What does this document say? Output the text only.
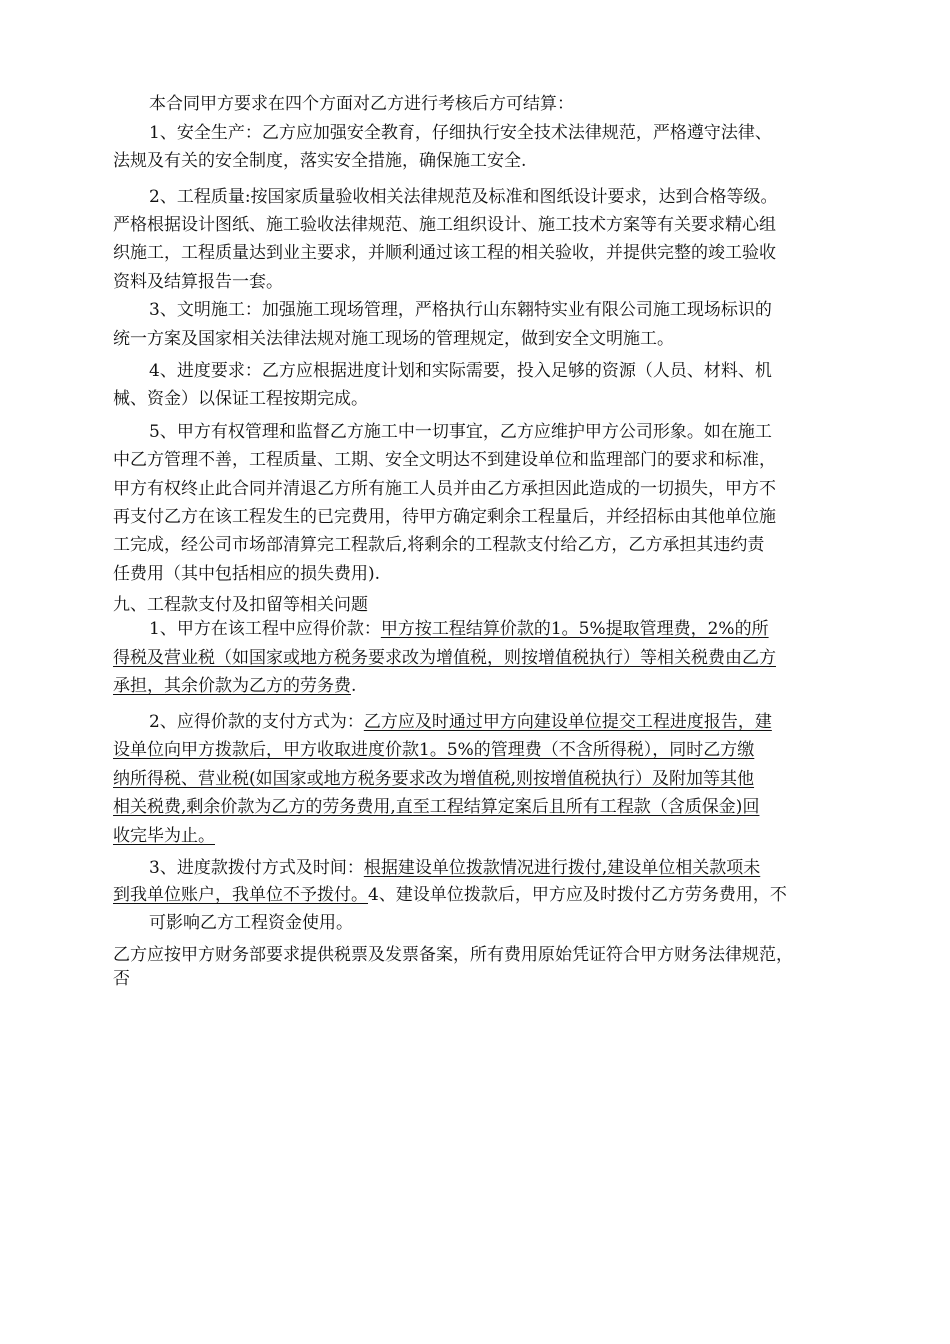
本合同甲方要求在四个方面对乙方进行考核后方可结算：
1、安全生产：乙方应加强安全教育，仔细执行安全技术法律规范，严格遵守法律、
法规及有关的安全制度，落实安全措施，确保施工安全.
2、工程质量:按国家质量验收相关法律规范及标准和图纸设计要求，达到合格等级。
严格根据设计图纸、施工验收法律规范、施工组织设计、施工技术方案等有关要求精心组
织施工，工程质量达到业主要求，并顺利通过该工程的相关验收，并提供完整的竣工验收
资料及结算报告一套。
3、文明施工：加强施工现场管理，严格执行山东翱特实业有限公司施工现场标识的
统一方案及国家相关法律法规对施工现场的管理规定，做到安全文明施工。
4、进度要求：乙方应根据进度计划和实际需要，投入足够的资源（人员、材料、机
械、资金）以保证工程按期完成。
5、甲方有权管理和监督乙方施工中一切事宜，乙方应维护甲方公司形象。如在施工
中乙方管理不善，工程质量、工期、安全文明达不到建设单位和监理部门的要求和标准，
甲方有权终止此合同并清退乙方所有施工人员并由乙方承担因此造成的一切损失，甲方不
再支付乙方在该工程发生的已完费用，待甲方确定剩余工程量后，并经招标由其他单位施
工完成，经公司市场部清算完工程款后,将剩余的工程款支付给乙方，乙方承担其违约责
任费用（其中包括相应的损失费用).
九、工程款支付及扣留等相关问题
1、甲方在该工程中应得价款：甲方按工程结算价款的1。5%提取管理费，2%的所
得税及营业税（如国家或地方税务要求改为增值税，则按增值税执行）等相关税费由乙方
承担，其余价款为乙方的劳务费.
2、应得价款的支付方式为：乙方应及时通过甲方向建设单位提交工程进度报告，建
设单位向甲方拨款后，甲方收取进度价款1。5%的管理费（不含所得税），同时乙方缴
纳所得税、营业税(如国家或地方税务要求改为增值税,则按增值税执行）及附加等其他
相关税费,剩余价款为乙方的劳务费用,直至工程结算定案后且所有工程款（含质保金)回
收完毕为止。
3、进度款拨付方式及时间：根据建设单位拨款情况进行拨付,建设单位相关款项未
到我单位账户，我单位不予拨付。4、建设单位拨款后，甲方应及时拨付乙方劳务费用，不
可影响乙方工程资金使用。
乙方应按甲方财务部要求提供税票及发票备案，所有费用原始凭证符合甲方财务法律规范，
否
